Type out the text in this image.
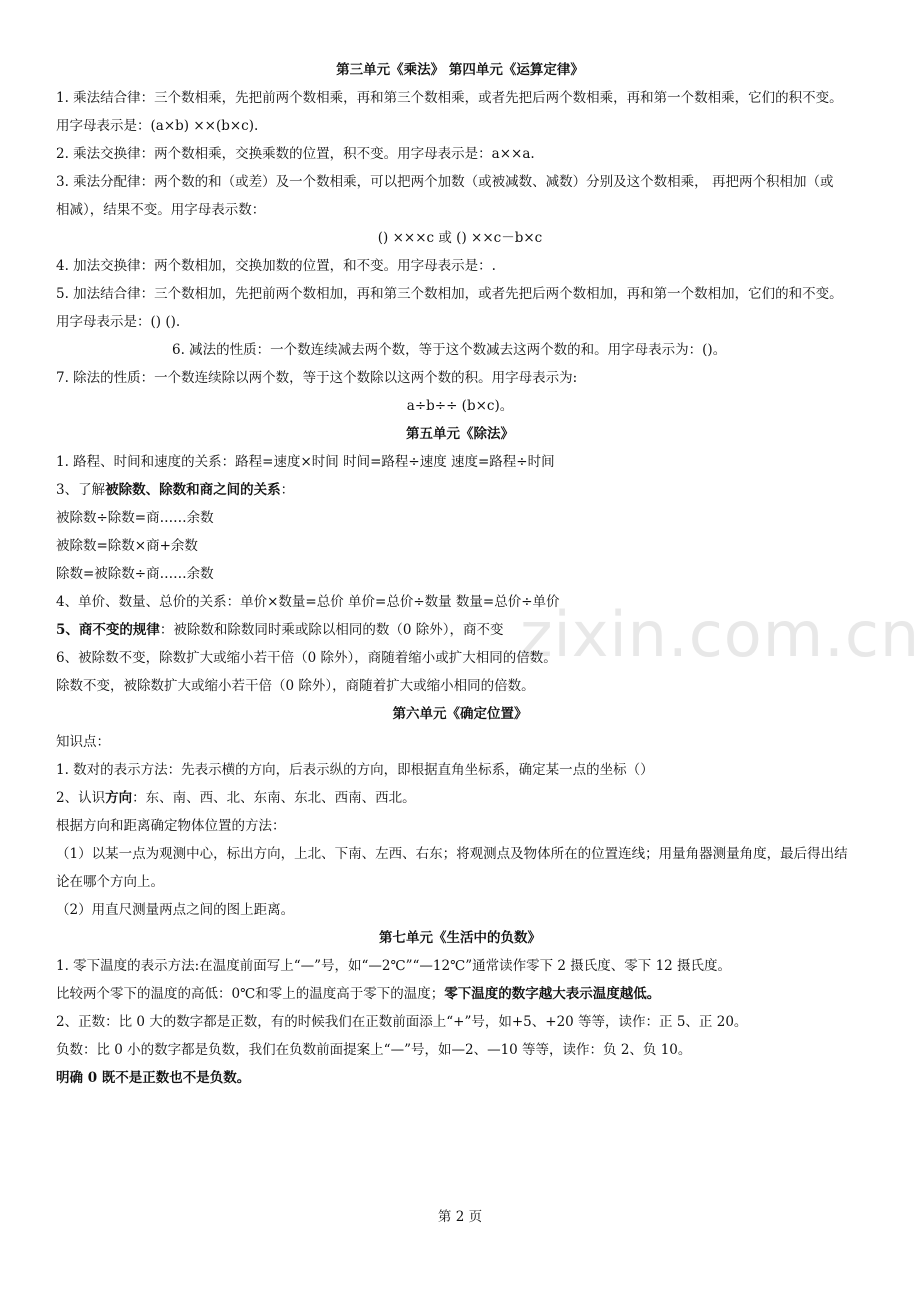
zixin.com.cn
第三单元《乘法》 第四单元《运算定律》
1. 乘法结合律：三个数相乘，先把前两个数相乘，再和第三个数相乘，或者先把后两个数相乘，再和第一个数相乘，它们的积不变。
用字母表示是：(a×b) ××(b×c).
2. 乘法交换律：两个数相乘，交换乘数的位置，积不变。用字母表示是：a××a.
3. 乘法分配律：两个数的和（或差）及一个数相乘，可以把两个加数（或被减数、减数）分别及这个数相乘， 再把两个积相加（或
相减），结果不变。用字母表示数：
() ×××c 或 () ××c－b×c
4. 加法交换律：两个数相加，交换加数的位置，和不变。用字母表示是：.
5. 加法结合律：三个数相加，先把前两个数相加，再和第三个数相加，或者先把后两个数相加，再和第一个数相加，它们的和不变。
用字母表示是：() ().
6. 减法的性质：一个数连续减去两个数，等于这个数减去这两个数的和。用字母表示为：()。
7. 除法的性质：一个数连续除以两个数，等于这个数除以这两个数的积。用字母表示为:
a÷b÷÷ (b×c)。
第五单元《除法》
1. 路程、时间和速度的关系：路程=速度×时间 时间=路程÷速度 速度=路程÷时间
3、了解被除数、除数和商之间的关系：
被除数÷除数=商……余数
被除数=除数×商+余数
除数=被除数÷商……余数
4、单价、数量、总价的关系：单价×数量=总价 单价=总价÷数量 数量=总价÷单价
5、商不变的规律：被除数和除数同时乘或除以相同的数（0 除外），商不变
6、被除数不变，除数扩大或缩小若干倍（0 除外），商随着缩小或扩大相同的倍数。
除数不变，被除数扩大或缩小若干倍（0 除外），商随着扩大或缩小相同的倍数。
第六单元《确定位置》
知识点：
1. 数对的表示方法：先表示横的方向，后表示纵的方向，即根据直角坐标系，确定某一点的坐标（）
2、认识方向：东、南、西、北、东南、东北、西南、西北。
根据方向和距离确定物体位置的方法：
（1）以某一点为观测中心，标出方向，上北、下南、左西、右东；将观测点及物体所在的位置连线；用量角器测量角度，最后得出结
论在哪个方向上。
（2）用直尺测量两点之间的图上距离。
第七单元《生活中的负数》
1. 零下温度的表示方法:在温度前面写上“—”号，如“—2℃”“—12℃”通常读作零下 2 摄氏度、零下 12 摄氏度。
比较两个零下的温度的高低：0℃和零上的温度高于零下的温度；零下温度的数字越大表示温度越低。
2、正数：比 0 大的数字都是正数，有的时候我们在正数前面添上“+”号，如+5、+20 等等，读作：正 5、正 20。
负数：比 0 小的数字都是负数，我们在负数前面提案上“—”号，如—2、—10 等等，读作：负 2、负 10。
明确 0 既不是正数也不是负数。
第 2 页
